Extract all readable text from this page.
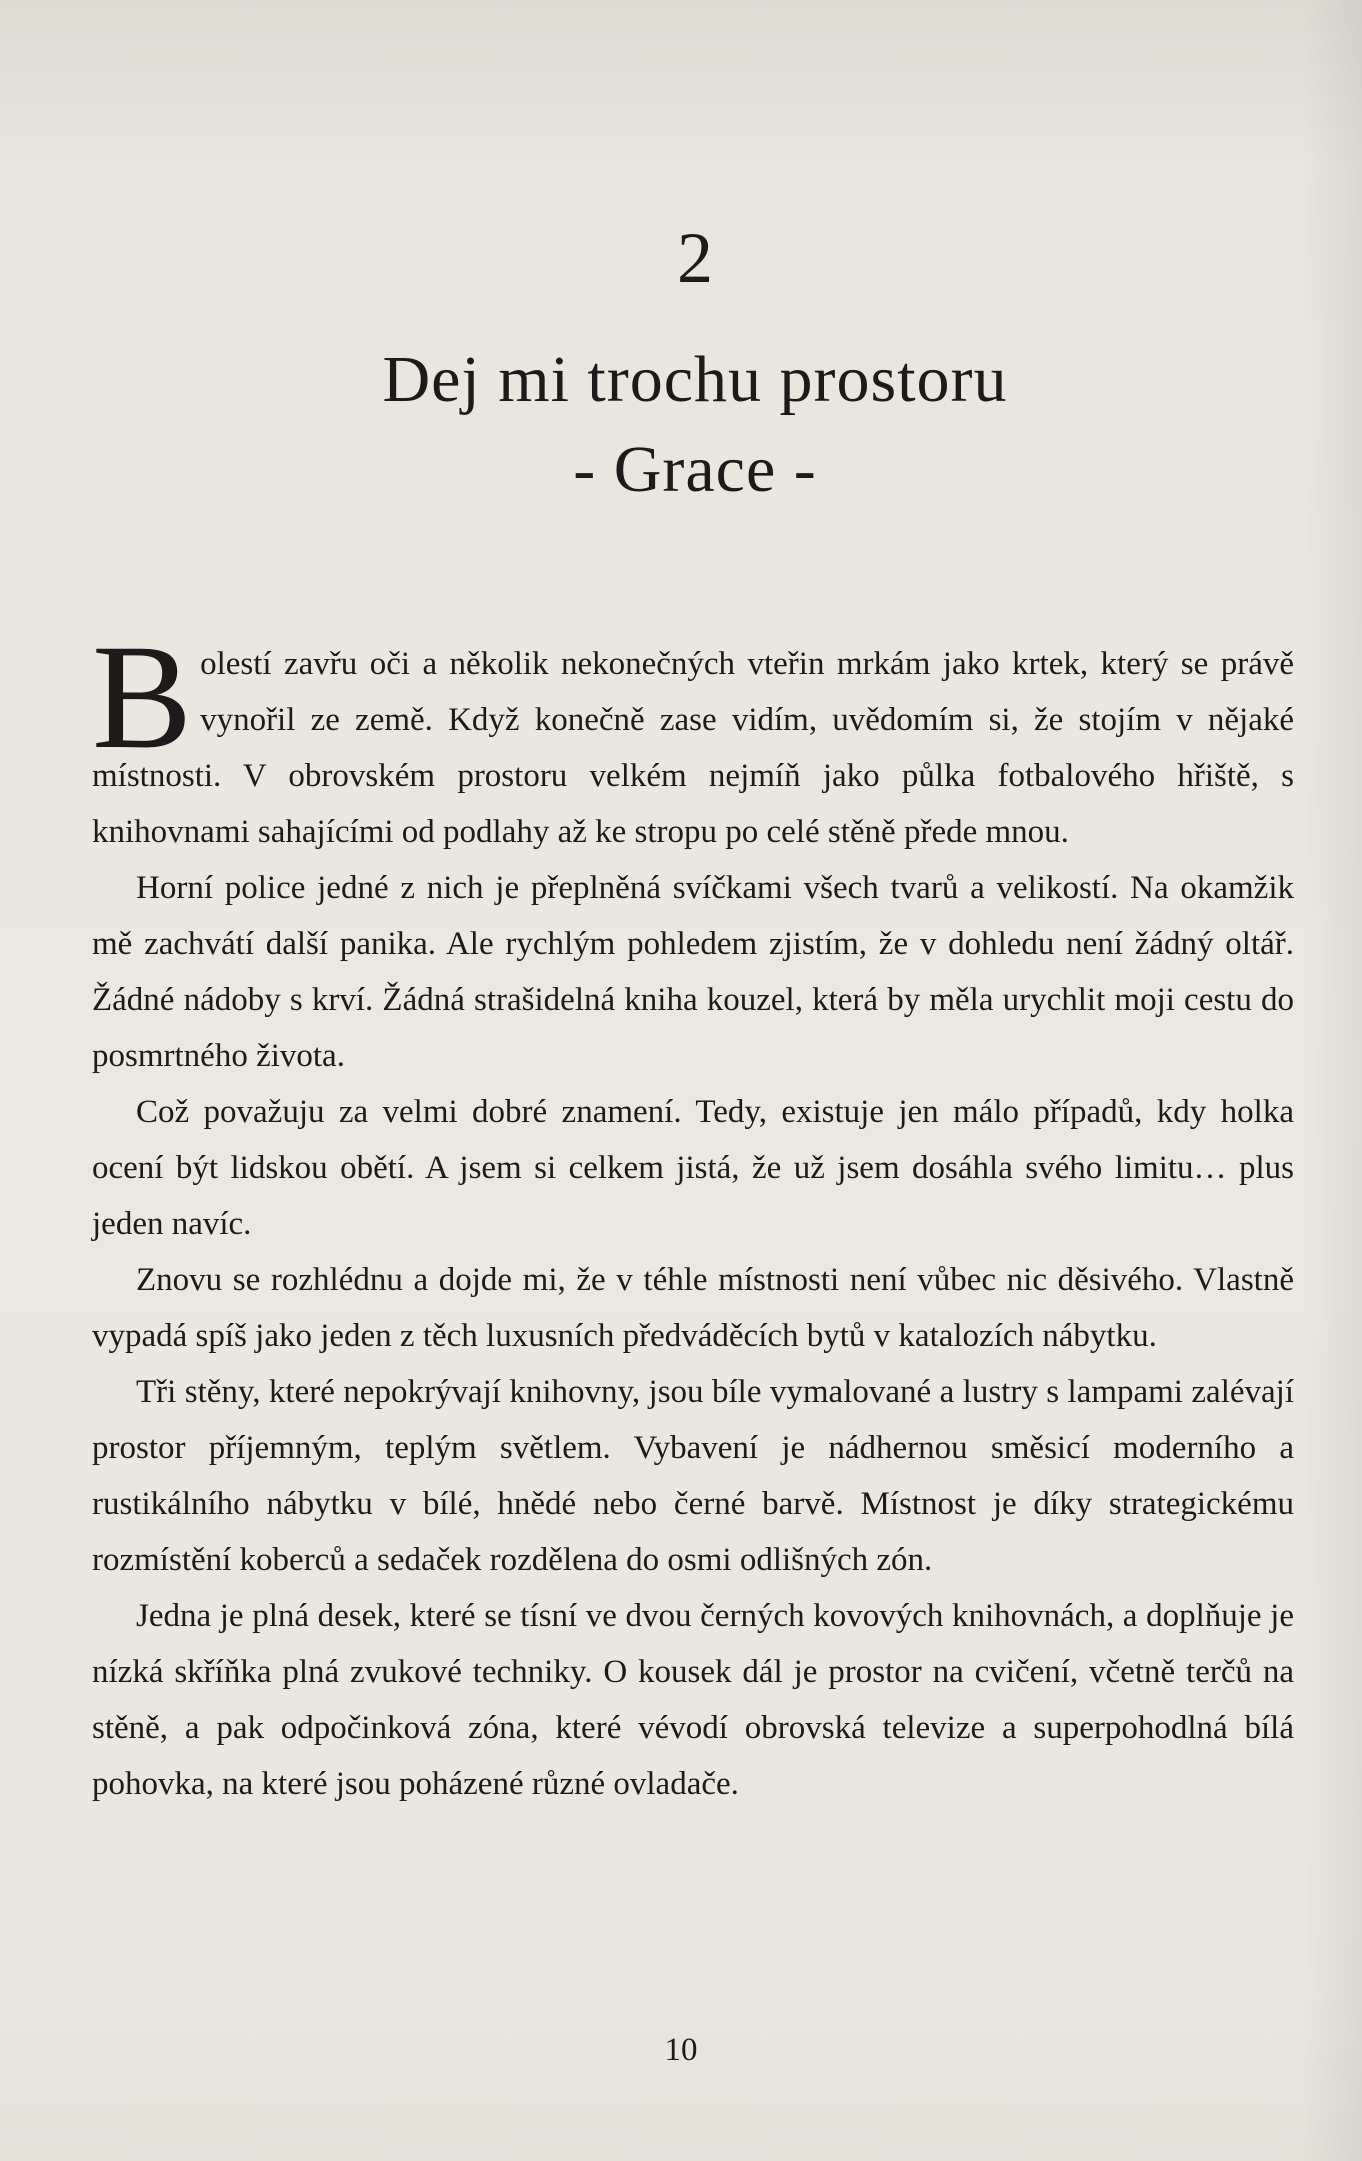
2
Dej mi trochu prostoru
- Grace -

Bolestí zavřu oči a několik nekonečných vteřin mrkám jako krtek, který se právě vynořil ze země. Když konečně zase vidím, uvědomím si, že stojím v nějaké místnosti. V obrovském prostoru velkém nejmíň jako půlka fotbalového hřiště, s knihovnami sahajícími od podlahy až ke stropu po celé stěně přede mnou.

Horní police jedné z nich je přeplněná svíčkami všech tvarů a velikostí. Na okamžik mě zachvátí další panika. Ale rychlým pohledem zjistím, že v dohledu není žádný oltář. Žádné nádoby s krví. Žádná strašidelná kniha kouzel, která by měla urychlit moji cestu do posmrtného života.

Což považuju za velmi dobré znamení. Tedy, existuje jen málo případů, kdy holka ocení být lidskou obětí. A jsem si celkem jistá, že už jsem dosáhla svého limitu… plus jeden navíc.

Znovu se rozhlédnu a dojde mi, že v téhle místnosti není vůbec nic děsivého. Vlastně vypadá spíš jako jeden z těch luxusních předváděcích bytů v katalozích nábytku.

Tři stěny, které nepokrývají knihovny, jsou bíle vymalované a lustry s lampami zalévají prostor příjemným, teplým světlem. Vybavení je nádhernou směsicí moderního a rustikálního nábytku v bílé, hnědé nebo černé barvě. Místnost je díky strategickému rozmístění koberců a sedaček rozdělena do osmi odlišných zón.

Jedna je plná desek, které se tísní ve dvou černých kovových knihovnách, a doplňuje je nízká skříňka plná zvukové techniky. O kousek dál je prostor na cvičení, včetně terčů na stěně, a pak odpočinková zóna, které vévodí obrovská televize a superpohodlná bílá pohovka, na které jsou poházené různé ovladače.

10
